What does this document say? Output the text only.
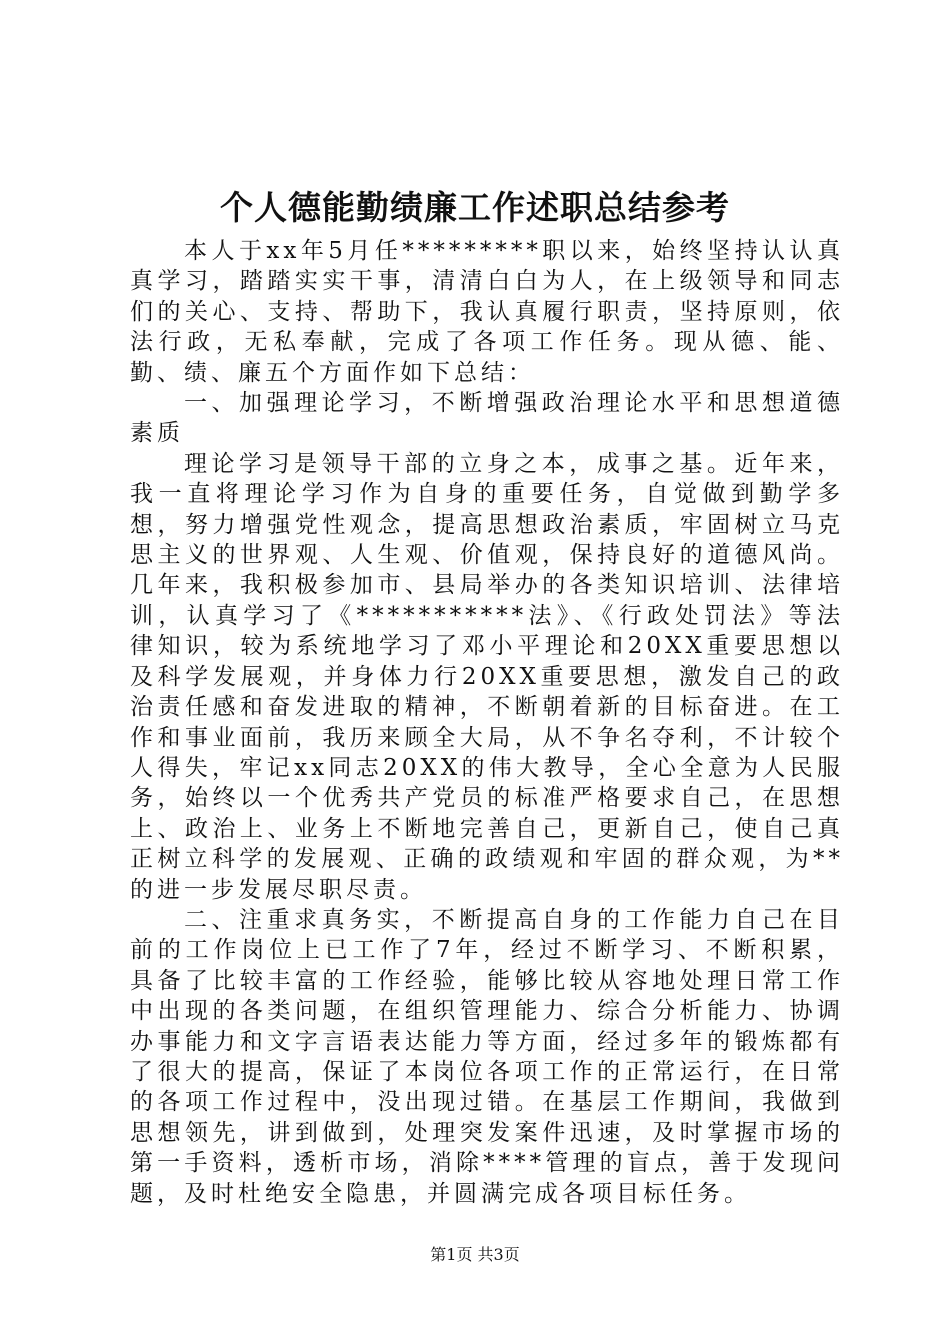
个人德能勤绩廉工作述职总结参考

本人于xx年5月任*********职以来，始终坚持认认真真学习，踏踏实实干事，清清白白为人，在上级领导和同志们的关心、支持、帮助下，我认真履行职责，坚持原则，依法行政，无私奉献，完成了各项工作任务。现从德、能、勤、绩、廉五个方面作如下总结：

一、加强理论学习，不断增强政治理论水平和思想道德素质

理论学习是领导干部的立身之本，成事之基。近年来，我一直将理论学习作为自身的重要任务，自觉做到勤学多想，努力增强党性观念，提高思想政治素质，牢固树立马克思主义的世界观、人生观、价值观，保持良好的道德风尚。几年来，我积极参加市、县局举办的各类知识培训、法律培训，认真学习了《***********法》、《行政处罚法》等法律知识，较为系统地学习了邓小平理论和20XX重要思想以及科学发展观，并身体力行20XX重要思想，激发自己的政治责任感和奋发进取的精神，不断朝着新的目标奋进。在工作和事业面前，我历来顾全大局，从不争名夺利，不计较个人得失，牢记xx同志20XX的伟大教导，全心全意为人民服务，始终以一个优秀共产党员的标准严格要求自己，在思想上、政治上、业务上不断地完善自己，更新自己，使自己真正树立科学的发展观、正确的政绩观和牢固的群众观，为**的进一步发展尽职尽责。

二、注重求真务实，不断提高自身的工作能力自己在目前的工作岗位上已工作了7年，经过不断学习、不断积累，具备了比较丰富的工作经验，能够比较从容地处理日常工作中出现的各类问题，在组织管理能力、综合分析能力、协调办事能力和文字言语表达能力等方面，经过多年的锻炼都有了很大的提高，保证了本岗位各项工作的正常运行，在日常的各项工作过程中，没出现过错。在基层工作期间，我做到思想领先，讲到做到，处理突发案件迅速，及时掌握市场的第一手资料，透析市场，消除****管理的盲点，善于发现问题，及时杜绝安全隐患，并圆满完成各项目标任务。

第1页 共3页
